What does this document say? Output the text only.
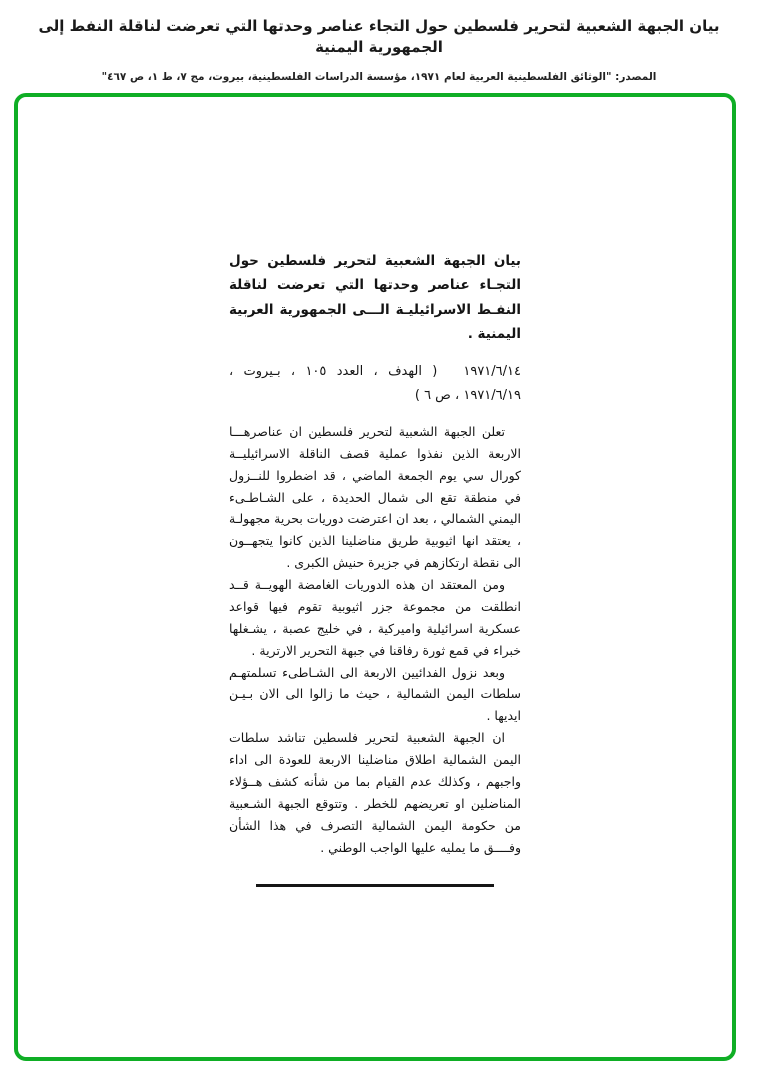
بيان الجبهة الشعبية لتحرير فلسطين حول التجاء عناصر وحدتها التي تعرضت لناقلة النفط إلى الجمهورية اليمنية
المصدر: "الوثائق الفلسطينية العربية لعام ١٩٧١، مؤسسة الدراسات الفلسطينية، بيروت، مج ٧، ط ١، ص ٤٦٧"
بيان الجبهة الشعبية لتحرير فلسطين حول التجـاء عناصر وحدتها التي تعرضت لناقلة النفـط الاسرائيليـة الـــى الجمهورية العربية اليمنية .

١٩٧١/٦/١٤  ( الهدف ، العدد ١٠٥ ، بـيروت ، ١٩٧١/٦/١٩ ، ص ٦ )

تعلن الجبهة الشعبية لتحرير فلسطين ان عناصرهـــا الاربعة الذين نفذوا عملية قصف الناقلة الاسرائيليــة كورال سي يوم الجمعة الماضي ، قد اضطروا للنــزول في منطقة تقع الى شمال الحديدة ، على الشـاطـىء اليمني الشمالي ، بعد ان اعترضت دوريات بحرية مجهولـة ، يعتقد انها اثيوبية طريق مناضلينا الذين كانوا يتجهــون الى نقطة ارتكازهم في جزيرة حنيش الكبرى .

ومن المعتقد ان هذه الدوريات الغامضة الهويــة قــد انطلقت من مجموعة جزر اثيوبية تقوم فيها قواعد عسكرية اسرائيلية واميركية ، في خليج عصبة ، يشـغلها خبراء في قمع ثورة رفاقنا في جبهة التحرير الارترية .

وبعد نزول الفدائيين الاربعة الى الشـاطىء تسلمتهـم سلطات اليمن الشمالية ، حيث ما زالوا الى الان بـيـن ايديها .

ان الجبهة الشعبية لتحرير فلسطين تناشد سلطات اليمن الشمالية اطلاق مناضلينا الاربعة للعودة الى اداء واجبهم ، وكذلك عدم القيام بما من شأنه كشف هــؤلاء المناضلين او تعريضهم للخطر . وتتوقع الجبهة الشـعبية من حكومة اليمن الشمالية التصرف في هذا الشأن وفــــق ما يمليه عليها الواجب الوطني .
